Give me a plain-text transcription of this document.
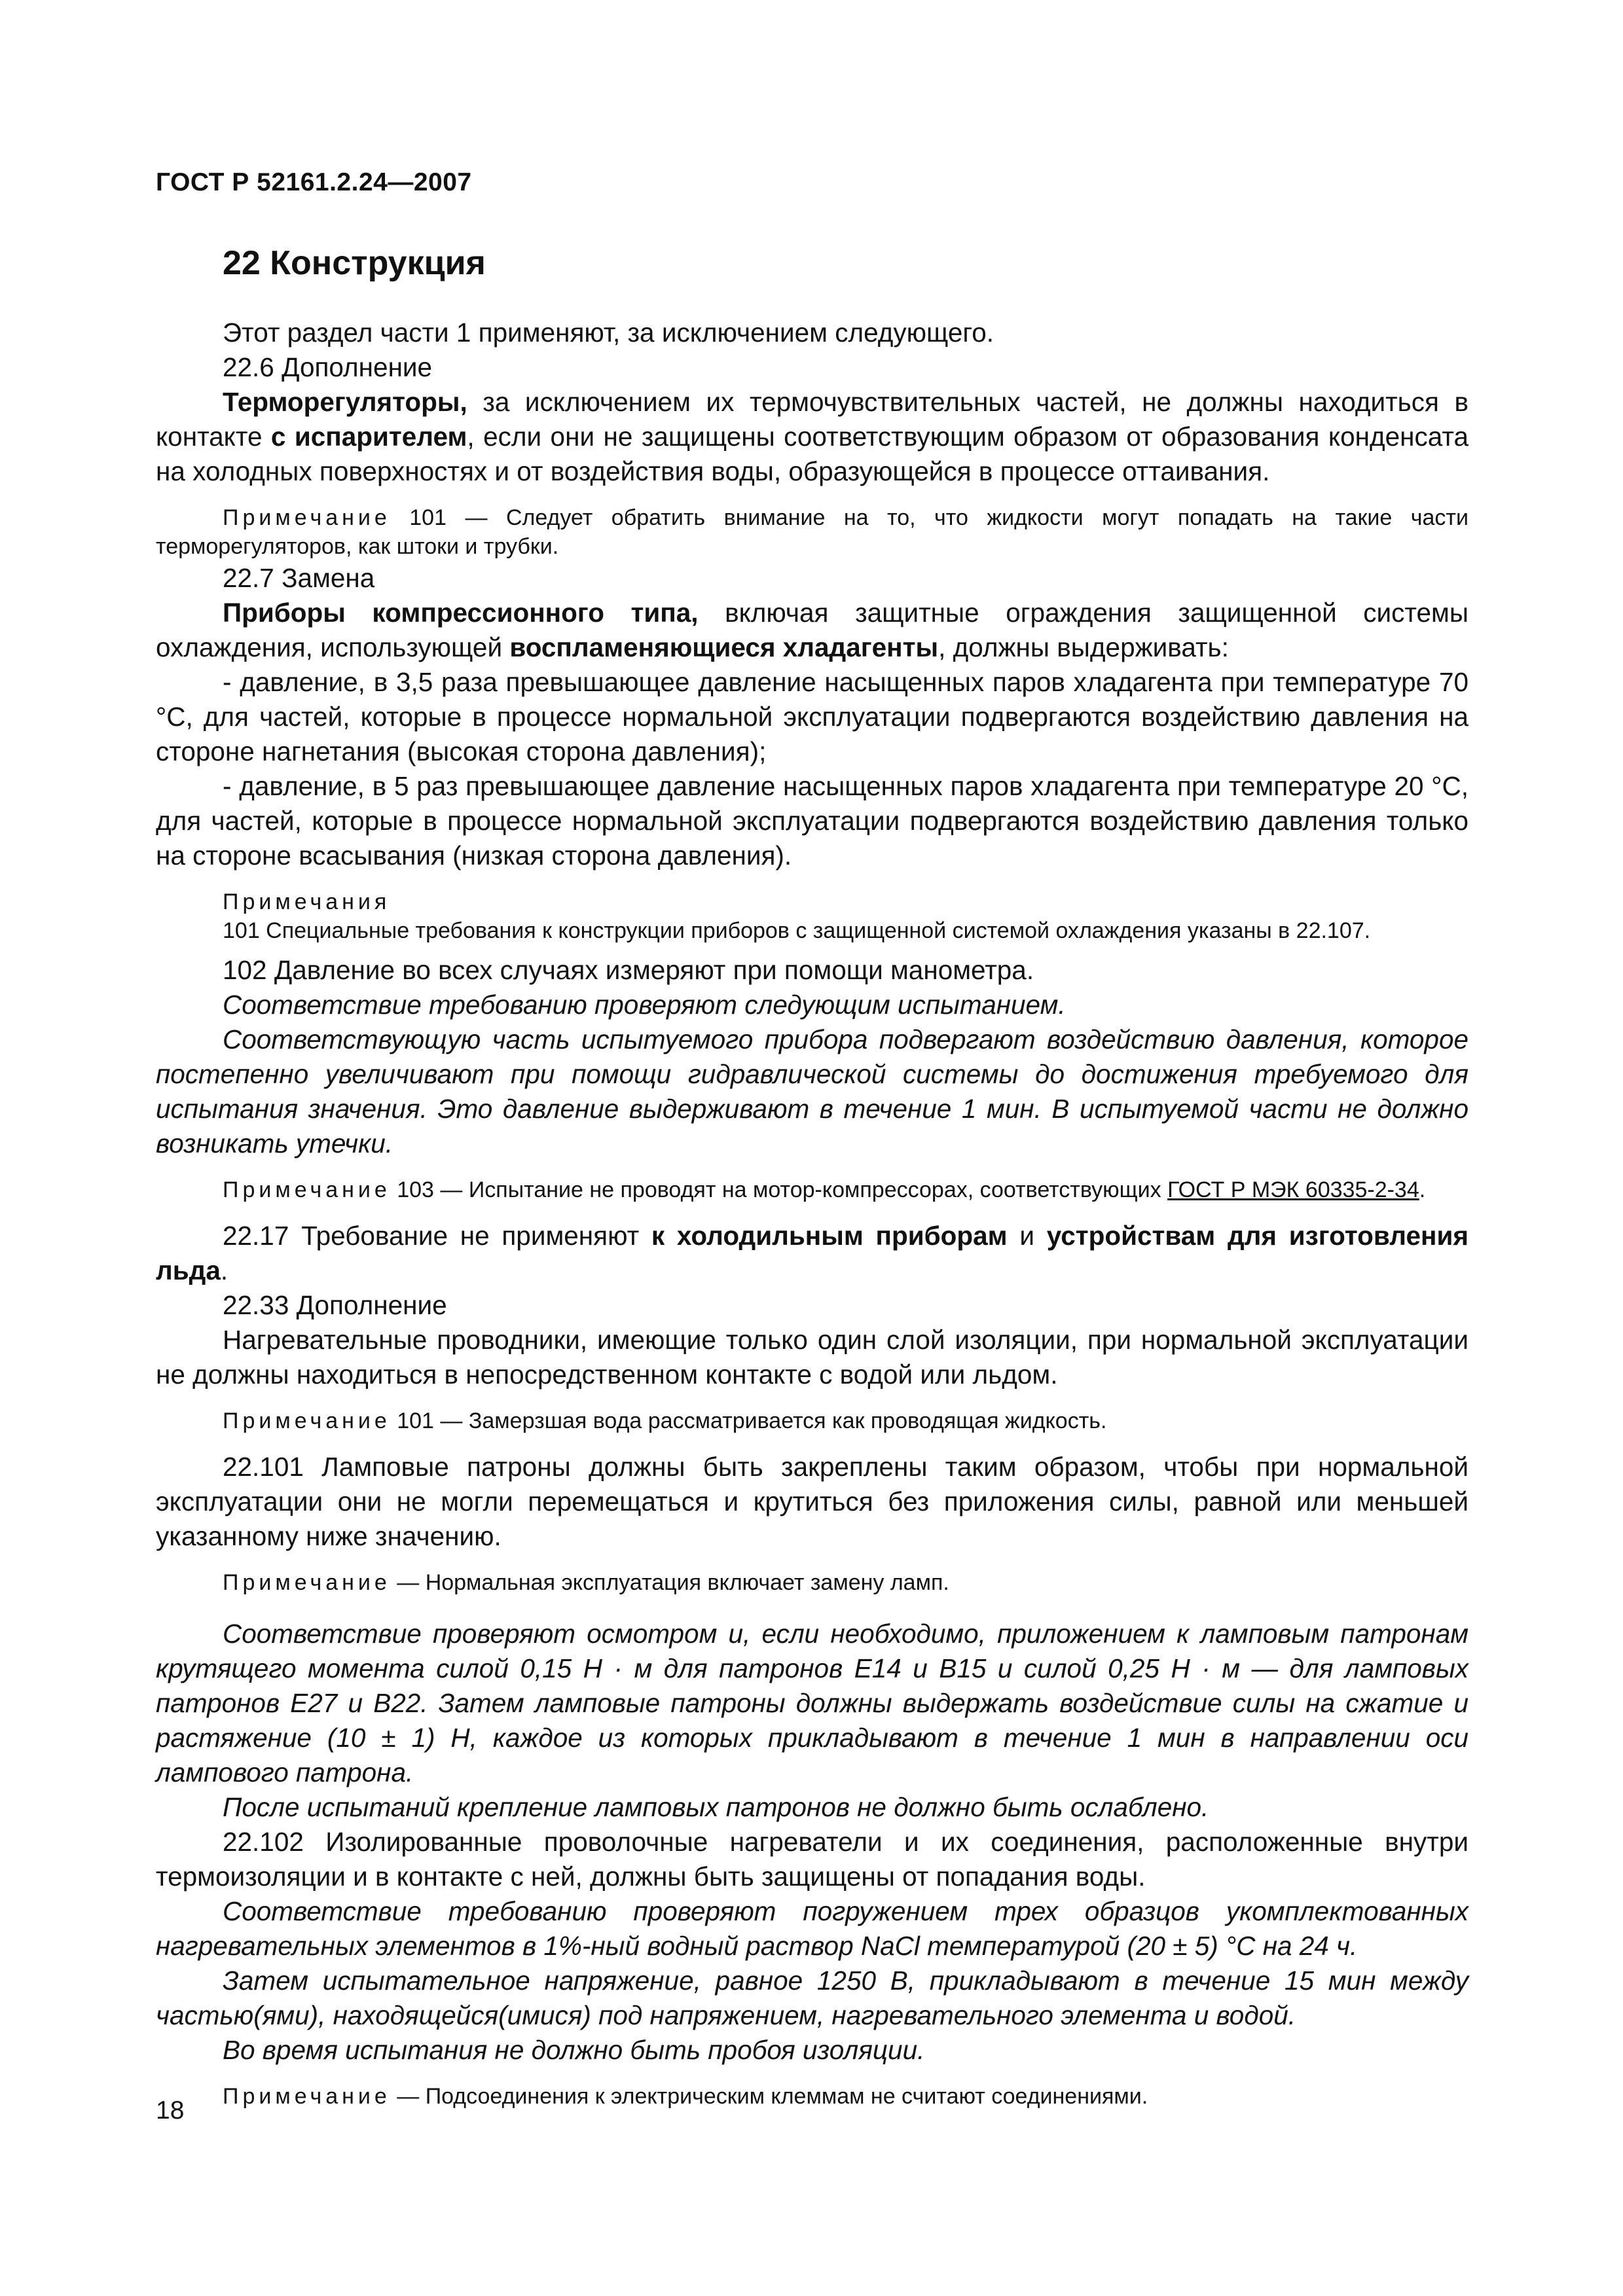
ГОСТ Р 52161.2.24—2007
22 Конструкция

Этот раздел части 1 применяют, за исключением следующего.

22.6 Дополнение

Терморегуляторы, за исключением их термочувствительных частей, не должны находиться в контакте с испарителем, если они не защищены соответствующим образом от образования конденсата на холодных поверхностях и от воздействия воды, образующейся в процессе оттаивания.

Примечание 101 — Следует обратить внимание на то, что жидкости могут попадать на такие части терморегуляторов, как штоки и трубки.

22.7 Замена

Приборы компрессионного типа, включая защитные ограждения защищенной системы охлаждения, использующей воспламеняющиеся хладагенты, должны выдерживать:

- давление, в 3,5 раза превышающее давление насыщенных паров хладагента при температуре 70 °С, для частей, которые в процессе нормальной эксплуатации подвергаются воздействию давления на стороне нагнетания (высокая сторона давления);

- давление, в 5 раз превышающее давление насыщенных паров хладагента при температуре 20 °С, для частей, которые в процессе нормальной эксплуатации подвергаются воздействию давления только на стороне всасывания (низкая сторона давления).

Примечания

101 Специальные требования к конструкции приборов с защищенной системой охлаждения указаны в 22.107.

102 Давление во всех случаях измеряют при помощи манометра.

Соответствие требованию проверяют следующим испытанием.

Соответствующую часть испытуемого прибора подвергают воздействию давления, которое постепенно увеличивают при помощи гидравлической системы до достижения требуемого для испытания значения. Это давление выдерживают в течение 1 мин. В испытуемой части не должно возникать утечки.

Примечание 103 — Испытание не проводят на мотор-компрессорах, соответствующих ГОСТ Р МЭК 60335-2-34.

22.17 Требование не применяют к холодильным приборам и устройствам для изготовления льда.

22.33 Дополнение

Нагревательные проводники, имеющие только один слой изоляции, при нормальной эксплуатации не должны находиться в непосредственном контакте с водой или льдом.

Примечание 101 — Замерзшая вода рассматривается как проводящая жидкость.

22.101 Ламповые патроны должны быть закреплены таким образом, чтобы при нормальной эксплуатации они не могли перемещаться и крутиться без приложения силы, равной или меньшей указанному ниже значению.

Примечание — Нормальная эксплуатация включает замену ламп.

Соответствие проверяют осмотром и, если необходимо, приложением к ламповым патронам крутящего момента силой 0,15 Н · м для патронов Е14 и В15 и силой 0,25 Н · м — для ламповых патронов Е27 и В22. Затем ламповые патроны должны выдержать воздействие силы на сжатие и растяжение (10 ± 1) Н, каждое из которых прикладывают в течение 1 мин в направлении оси лампового патрона.

После испытаний крепление ламповых патронов не должно быть ослаблено.

22.102 Изолированные проволочные нагреватели и их соединения, расположенные внутри термоизоляции и в контакте с ней, должны быть защищены от попадания воды.

Соответствие требованию проверяют погружением трех образцов укомплектованных нагревательных элементов в 1%-ный водный раствор NaCl температурой (20 ± 5) °С на 24 ч.

Затем испытательное напряжение, равное 1250 В, прикладывают в течение 15 мин между частью(ями), находящейся(имися) под напряжением, нагревательного элемента и водой.

Во время испытания не должно быть пробоя изоляции.

Примечание — Подсоединения к электрическим клеммам не считают соединениями.

18
